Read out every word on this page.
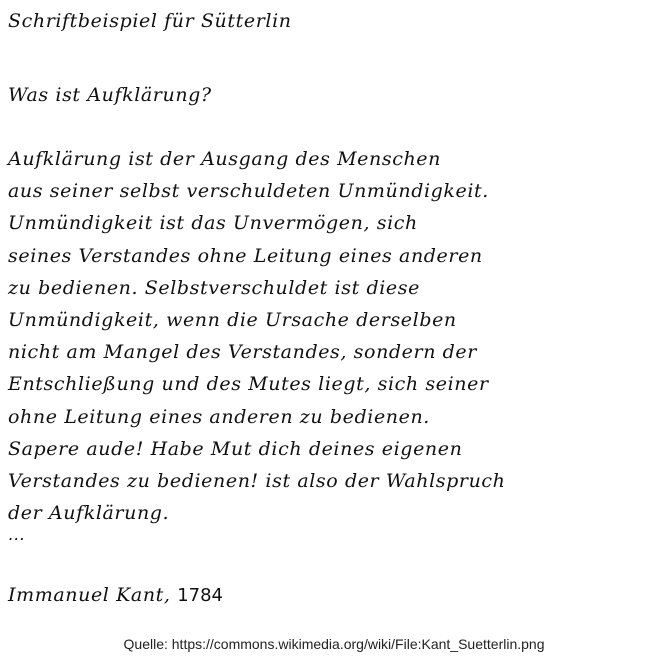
Schriftbeispiel für Sütterlin
Was ist Aufklärung?
Aufklärung ist der Ausgang des Menschen
aus seiner selbst verschuldeten Unmündigkeit.
Unmündigkeit ist das Unvermögen, sich
seines Verstandes ohne Leitung eines anderen
zu bedienen. Selbstverschuldet ist diese
Unmündigkeit, wenn die Ursache derselben
nicht am Mangel des Verstandes, sondern der
Entschließung und des Mutes liegt, sich seiner
ohne Leitung eines anderen zu bedienen.
Sapere aude! Habe Mut dich deines eigenen
Verstandes zu bedienen! ist also der Wahlspruch
der Aufklärung.
...
Immanuel Kant, 1784
Quelle: https://commons.wikimedia.org/wiki/File:Kant_Suetterlin.png
